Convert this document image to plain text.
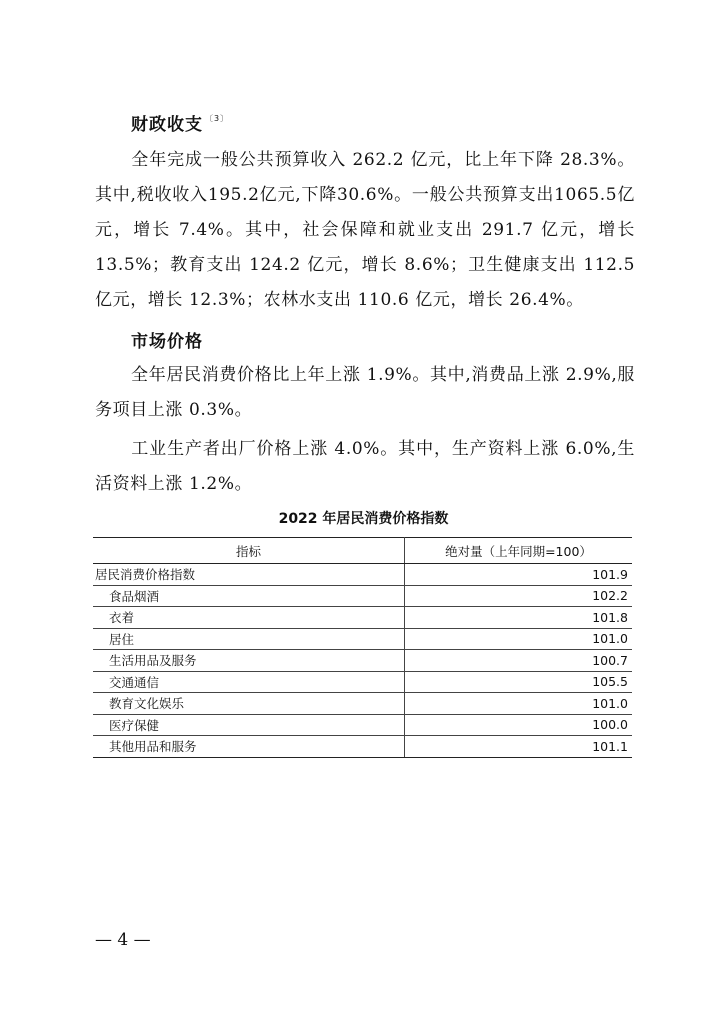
财政收支 $^{〔3〕}$

全年完成一般公共预算收入 262.2 亿元，比上年下降 28.3%。其中,税收收入195.2亿元,下降30.6%。一般公共预算支出1065.5亿元，增长 7.4%。其中，社会保障和就业支出 291.7 亿元，增长13.5%；教育支出 124.2 亿元，增长 8.6%；卫生健康支出 112.5亿元，增长 12.3%；农林水支出 110.6 亿元，增长 26.4%。

市场价格

全年居民消费价格比上年上涨 1.9%。其中,消费品上涨 2.9%,服务项目上涨 0.3%。

工业生产者出厂价格上涨 4.0%。其中，生产资料上涨 6.0%,生活资料上涨 1.2%。

2022 年居民消费价格指数
指标	绝对量（上年同期=100）
居民消费价格指数	101.9
食品烟酒	102.2
衣着	101.8
居住	101.0
生活用品及服务	100.7
交通通信	105.5
教育文化娱乐	101.0
医疗保健	100.0
其他用品和服务	101.1
— 4 —
